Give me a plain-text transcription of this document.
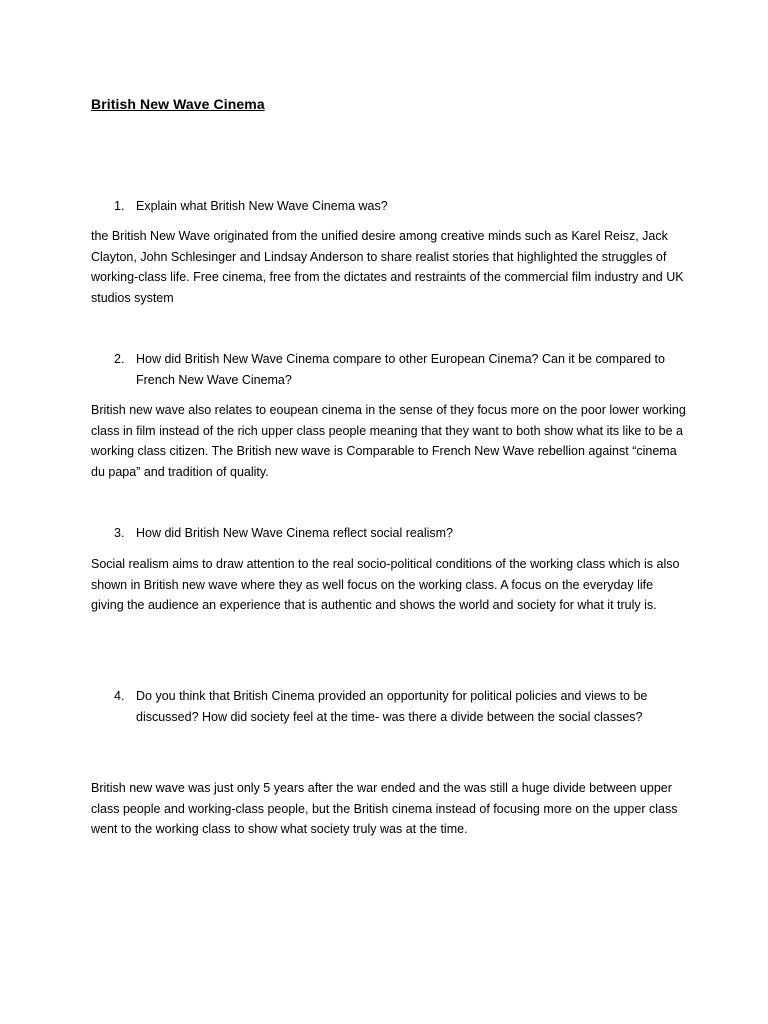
British New Wave Cinema
1. Explain what British New Wave Cinema was?

the British New Wave originated from the unified desire among creative minds such as Karel Reisz, Jack Clayton, John Schlesinger and Lindsay Anderson to share realist stories that highlighted the struggles of working-class life. Free cinema, free from the dictates and restraints of the commercial film industry and UK studios system

2. How did British New Wave Cinema compare to other European Cinema? Can it be compared to French New Wave Cinema?

British new wave also relates to eoupean cinema in the sense of they focus more on the poor lower working class in film instead of the rich upper class people meaning that they want to both show what its like to be a working class citizen. The British new wave is Comparable to French New Wave rebellion against “cinema du papa” and tradition of quality.

3. How did British New Wave Cinema reflect social realism?

Social realism aims to draw attention to the real socio-political conditions of the working class which is also shown in British new wave where they as well focus on the working class. A focus on the everyday life giving the audience an experience that is authentic and shows the world and society for what it truly is.

4. Do you think that British Cinema provided an opportunity for political policies and views to be discussed? How did society feel at the time- was there a divide between the social classes?

British new wave was just only 5 years after the war ended and the was still a huge divide between upper class people and working-class people, but the British cinema instead of focusing more on the upper class went to the working class to show what society truly was at the time.
